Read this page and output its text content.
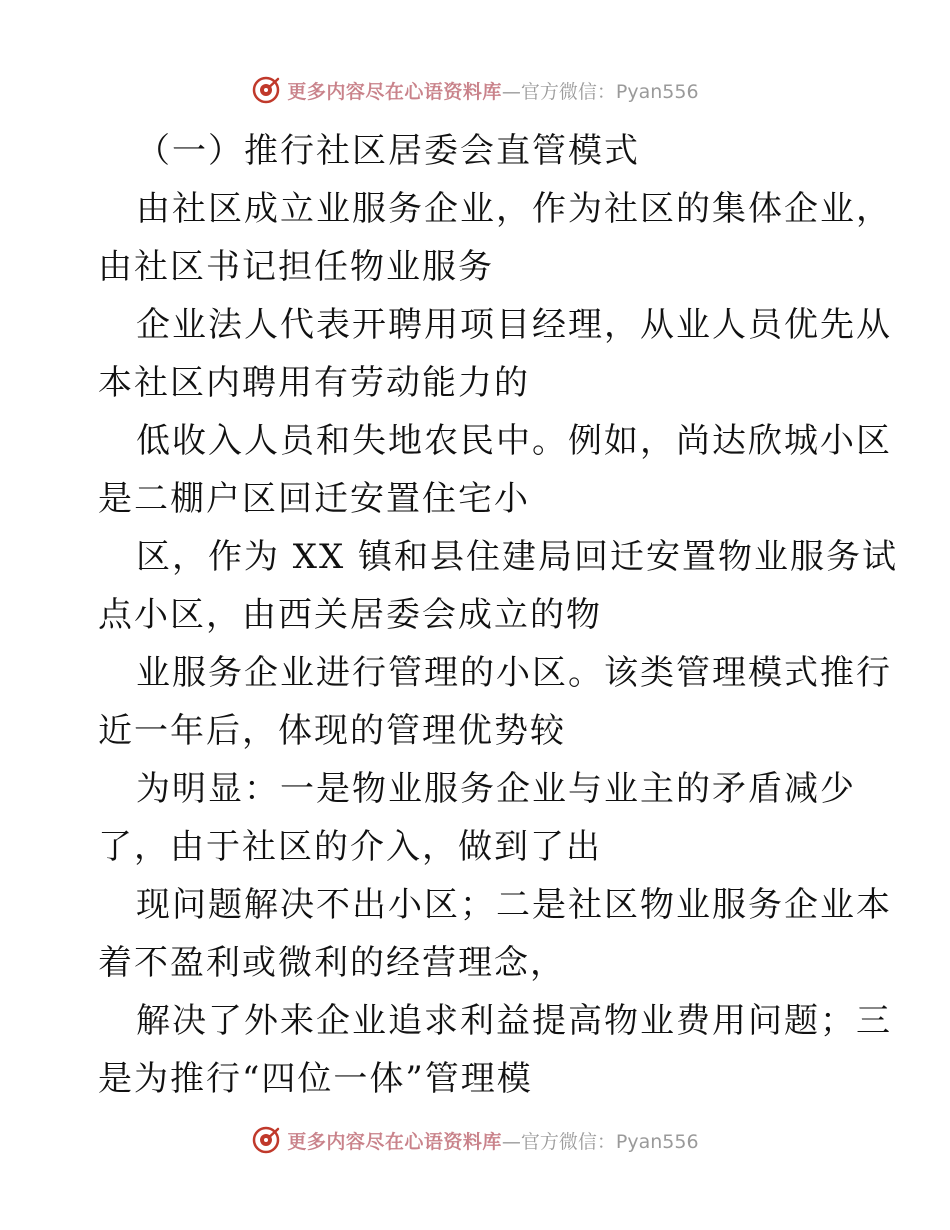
更多内容尽在心语资料库 —官方微信：Pyan556
（一）推行社区居委会直管模式
由社区成立业服务企业，作为社区的集体企业，
由社区书记担任物业服务
企业法人代表开聘用项目经理，从业人员优先从
本社区内聘用有劳动能力的
低收入人员和失地农民中。例如，尚达欣城小区
是二棚户区回迁安置住宅小
区，作为 XX 镇和县住建局回迁安置物业服务试
点小区，由西关居委会成立的物
业服务企业进行管理的小区。该类管理模式推行
近一年后，体现的管理优势较
为明显：一是物业服务企业与业主的矛盾减少
了，由于社区的介入，做到了出
现问题解决不出小区；二是社区物业服务企业本
着不盈利或微利的经营理念，
解决了外来企业追求利益提高物业费用问题；三
是为推行“四位一体”管理模
更多内容尽在心语资料库 —官方微信：Pyan556
